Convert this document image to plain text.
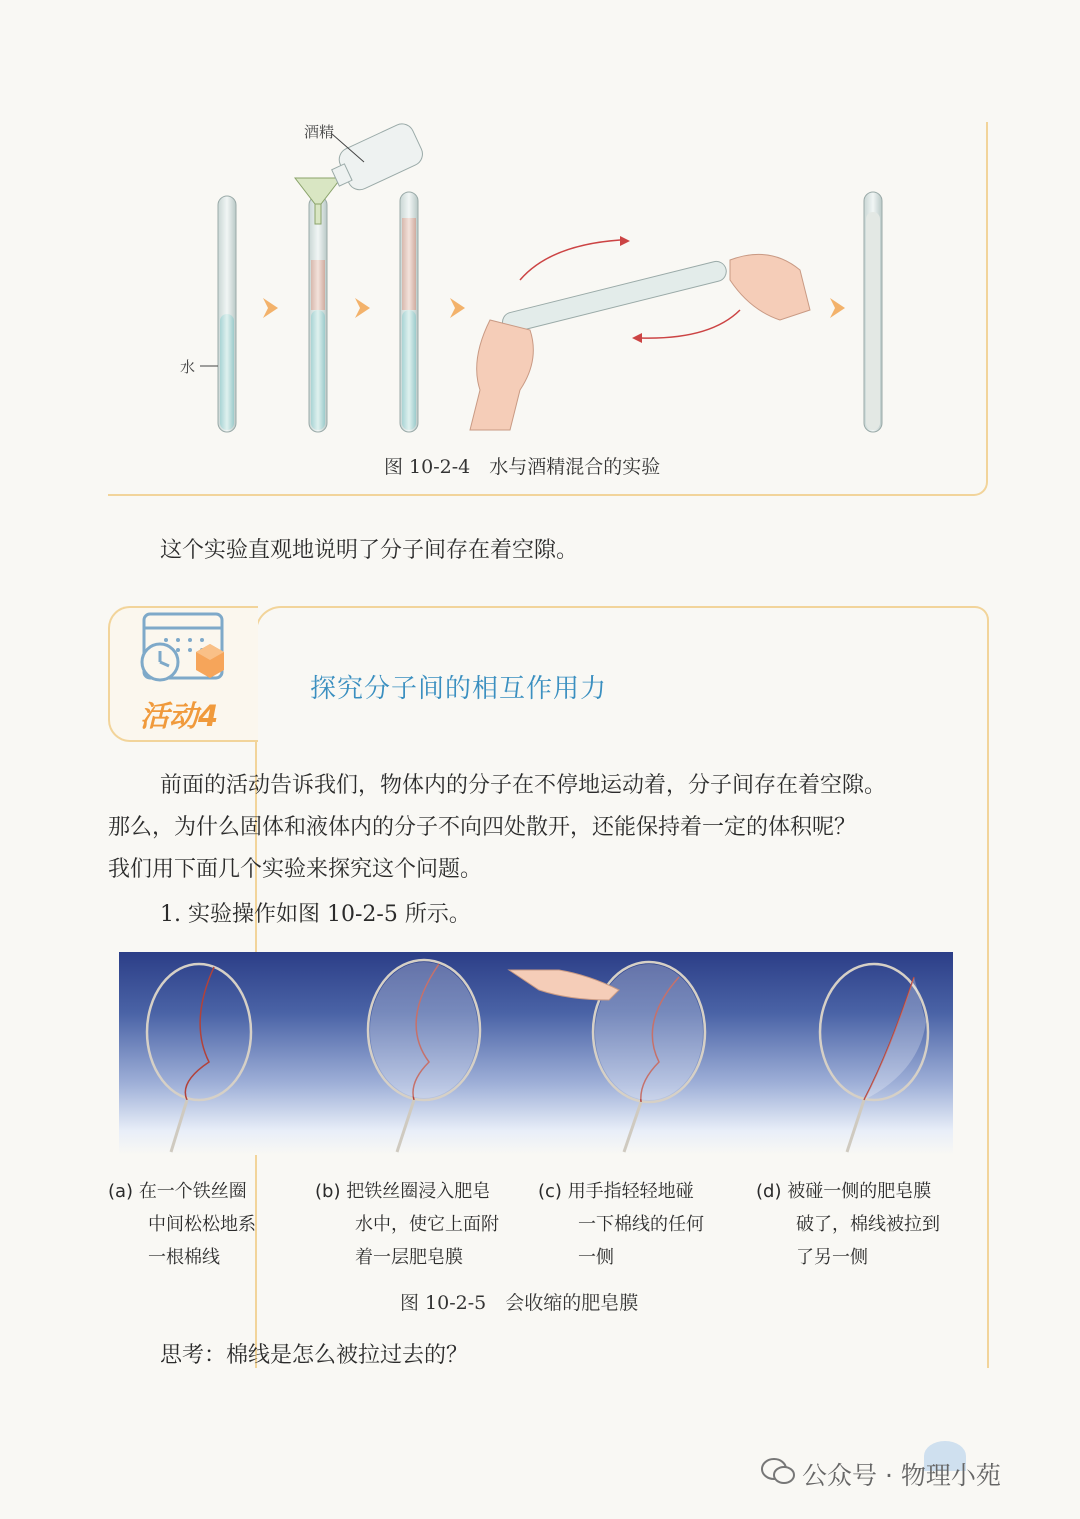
酒精
水
图 10-2-4　水与酒精混合的实验
这个实验直观地说明了分子间存在着空隙。
活动4
探究分子间的相互作用力
前面的活动告诉我们，物体内的分子在不停地运动着，分子间存在着空隙。
那么，为什么固体和液体内的分子不向四处散开，还能保持着一定的体积呢？
我们用下面几个实验来探究这个问题。
1. 实验操作如图 10-2-5 所示。
(a) 在一个铁丝圈
中间松松地系
一根棉线
(b) 把铁丝圈浸入肥皂
水中，使它上面附
着一层肥皂膜
(c) 用手指轻轻地碰
一下棉线的任何
一侧
(d) 被碰一侧的肥皂膜
破了，棉线被拉到
了另一侧
图 10-2-5　会收缩的肥皂膜
思考：棉线是怎么被拉过去的？
公众号 · 物理小苑
